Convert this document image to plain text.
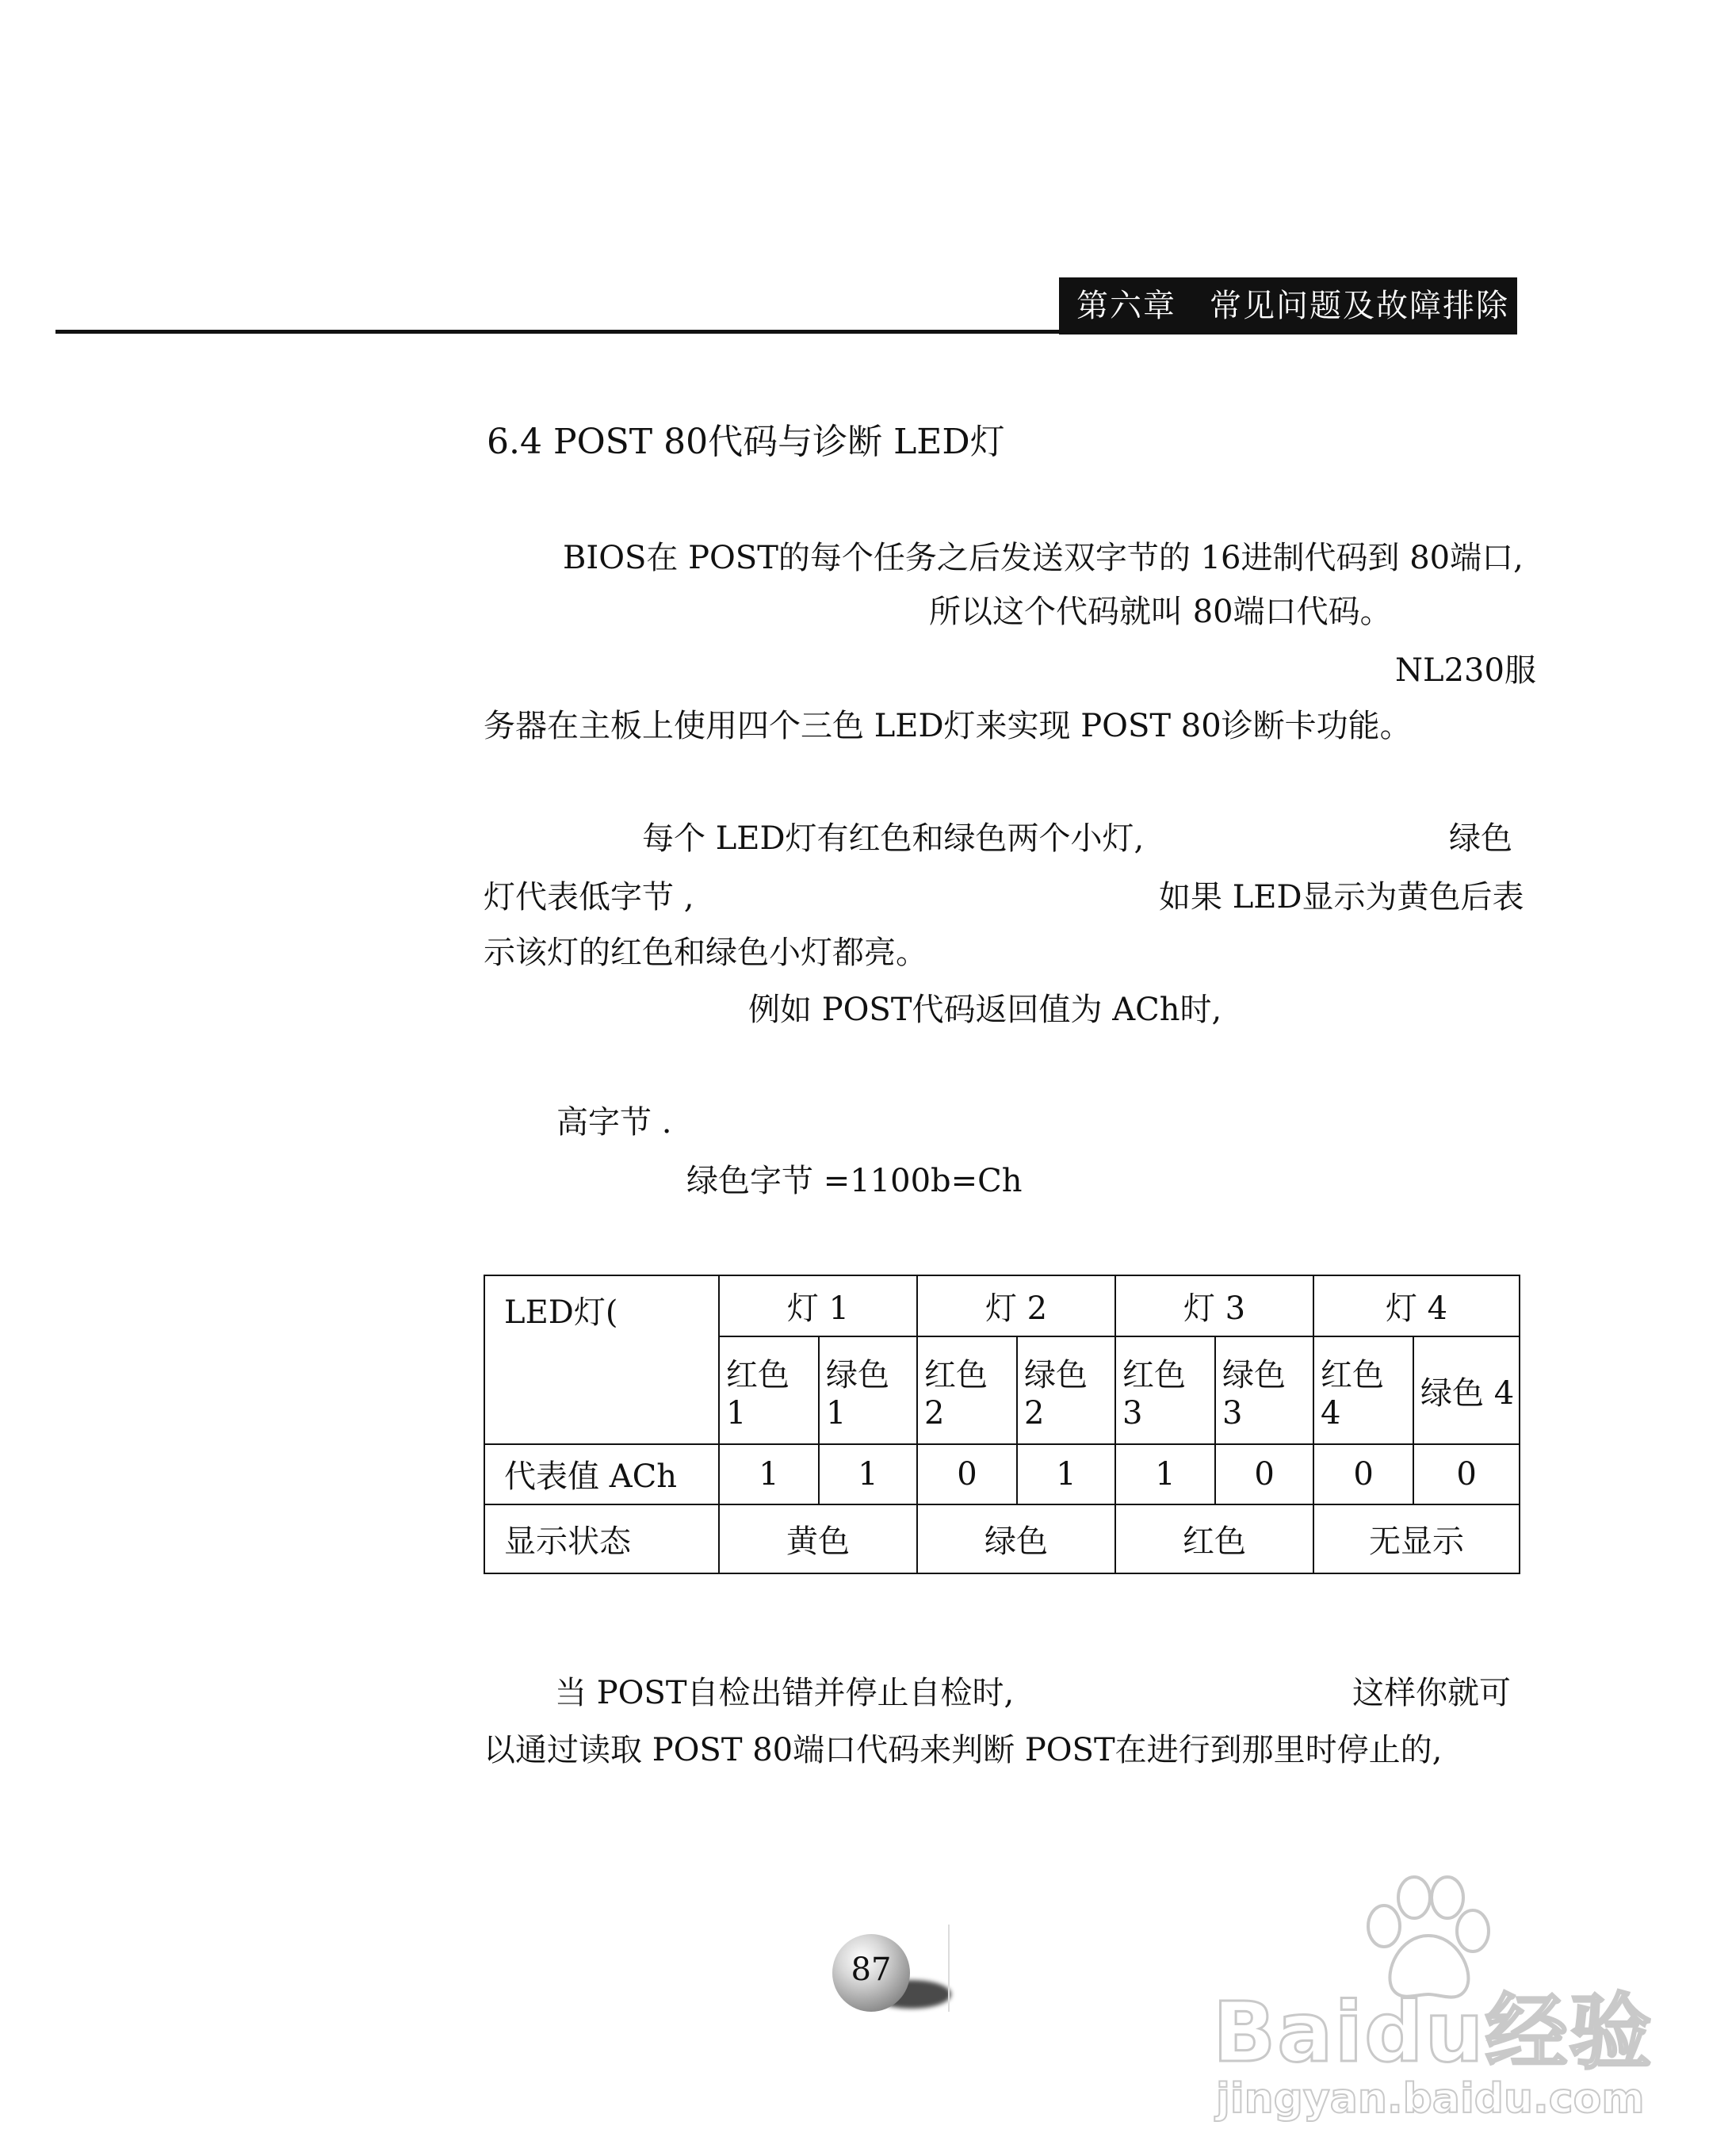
第六章　常见问题及故障排除
6.4 POST 80代码与诊断 LED灯
BIOS在 POST的每个任务之后发送双字节的 16进制代码到 80端口,
所以这个代码就叫 80端口代码。
NL230服
务器在主板上使用四个三色 LED灯来实现 POST 80诊断卡功能。
每个 LED灯有红色和绿色两个小灯,	绿色
灯代表低字节 ,	如果 LED显示为黄色后表
示该灯的红色和绿色小灯都亮。
例如 POST代码返回值为 ACh时,
高字节 .
绿色字节 =1100b=Ch
LED灯(	灯 1		灯 2		灯 3		灯 4	
	红色 1	绿色 1	红色 2	绿色 2	红色 3	绿色 3	红色 4	绿色 4
代表值 ACh	1	1	0	1	1	0	0	0
显示状态	黄色		绿色		红色		无显示	
当 POST自检出错并停止自检时,	这样你就可
以通过读取 POST 80端口代码来判断 POST在进行到那里时停止的,
87
Baidu经验
jingyan.baidu.com
